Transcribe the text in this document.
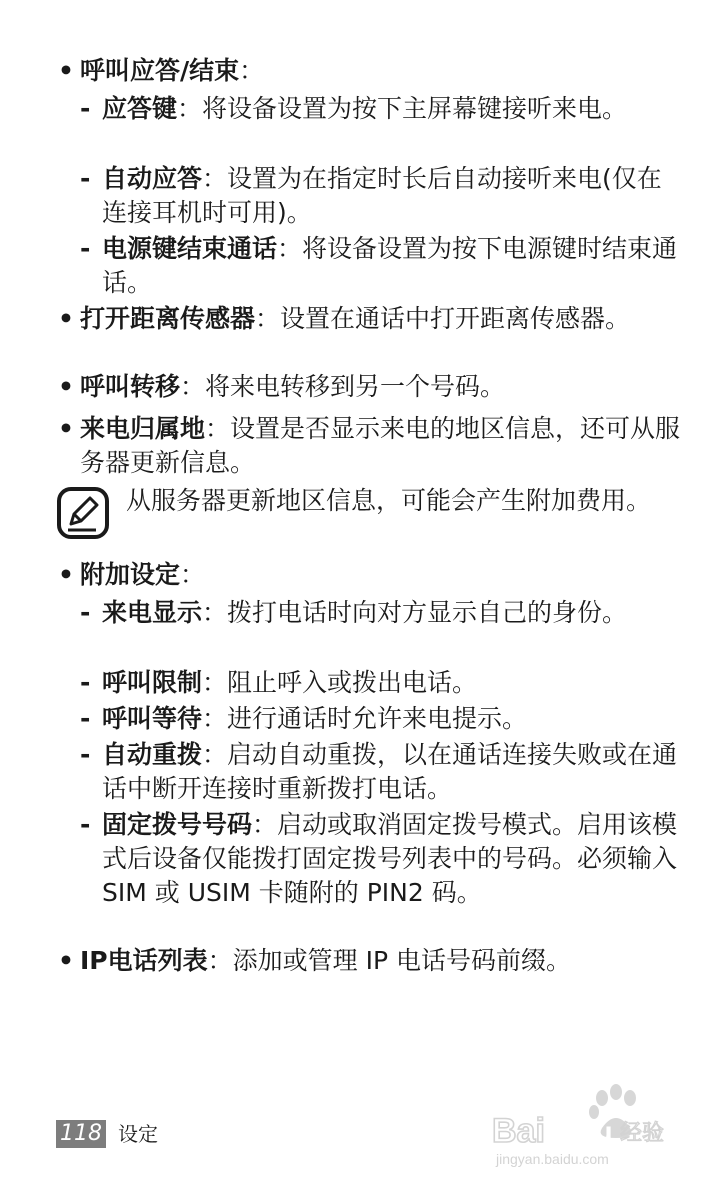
• 呼叫应答/结束：
- 应答键：将设备设置为按下主屏幕键接听来电。
- 自动应答：设置为在指定时长后自动接听来电(仅在连接耳机时可用)。
- 电源键结束通话：将设备设置为按下电源键时结束通话。
• 打开距离传感器：设置在通话中打开距离传感器。
• 呼叫转移：将来电转移到另一个号码。
• 来电归属地：设置是否显示来电的地区信息，还可从服务器更新信息。
从服务器更新地区信息，可能会产生附加费用。
• 附加设定：
- 来电显示：拨打电话时向对方显示自己的身份。
- 呼叫限制：阻止呼入或拨出电话。
- 呼叫等待：进行通话时允许来电提示。
- 自动重拨：启动自动重拨，以在通话连接失败或在通话中断开连接时重新拨打电话。
- 固定拨号号码：启动或取消固定拨号模式。启用该模式后设备仅能拨打固定拨号列表中的号码。必须输入 SIM 或 USIM 卡随附的 PIN2 码。
• IP电话列表：添加或管理 IP 电话号码前缀。
118 设定	Bai du 经验
jingyan.baidu.com
